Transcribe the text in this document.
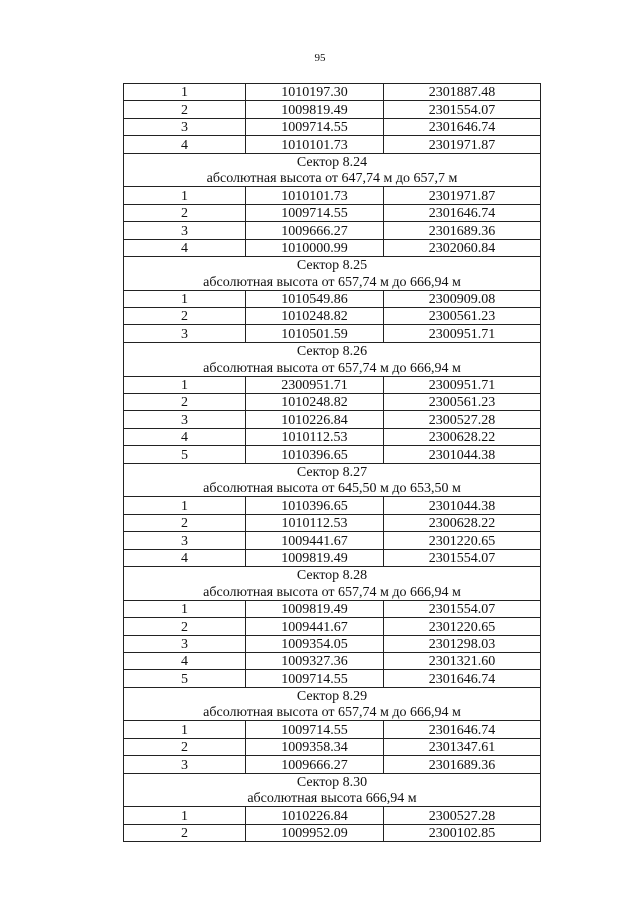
95
1	1010197.30	2301887.48
2	1009819.49	2301554.07
3	1009714.55	2301646.74
4	1010101.73	2301971.87
Сектор 8.24		
абсолютная высота от 647,74 м до 657,7 м		
1	1010101.73	2301971.87
2	1009714.55	2301646.74
3	1009666.27	2301689.36
4	1010000.99	2302060.84
Сектор 8.25		
абсолютная высота от 657,74 м до 666,94 м		
1	1010549.86	2300909.08
2	1010248.82	2300561.23
3	1010501.59	2300951.71
Сектор 8.26		
абсолютная высота от 657,74 м до 666,94 м		
1	2300951.71	2300951.71
2	1010248.82	2300561.23
3	1010226.84	2300527.28
4	1010112.53	2300628.22
5	1010396.65	2301044.38
Сектор 8.27		
абсолютная высота от 645,50 м до 653,50 м		
1	1010396.65	2301044.38
2	1010112.53	2300628.22
3	1009441.67	2301220.65
4	1009819.49	2301554.07
Сектор 8.28		
абсолютная высота от 657,74 м до 666,94 м		
1	1009819.49	2301554.07
2	1009441.67	2301220.65
3	1009354.05	2301298.03
4	1009327.36	2301321.60
5	1009714.55	2301646.74
Сектор 8.29		
абсолютная высота от 657,74 м до 666,94 м		
1	1009714.55	2301646.74
2	1009358.34	2301347.61
3	1009666.27	2301689.36
Сектор 8.30		
абсолютная высота 666,94 м		
1	1010226.84	2300527.28
2	1009952.09	2300102.85
